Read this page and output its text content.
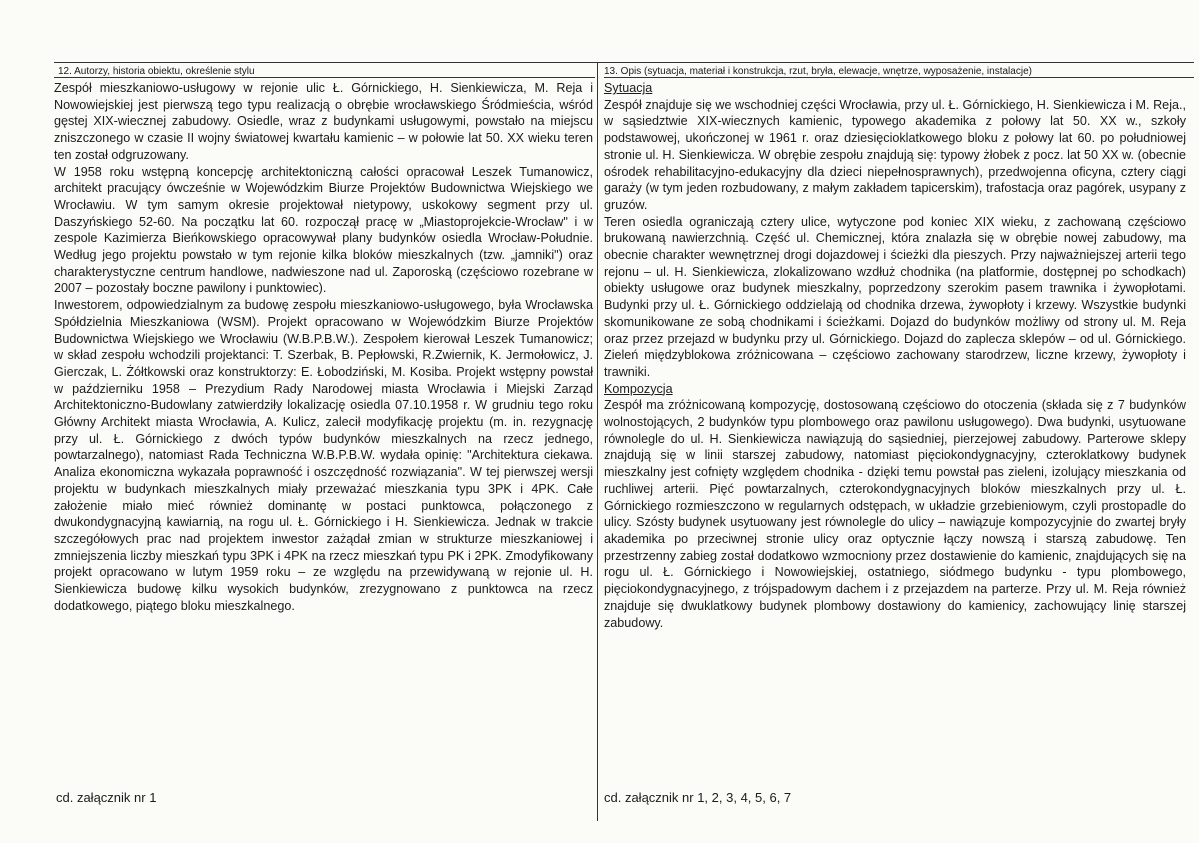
12. Autorzy, historia obiektu, określenie stylu

Zespół mieszkaniowo-usługowy w rejonie ulic Ł. Górnickiego, H. Sienkiewicza, M. Reja i Nowowiejskiej jest pierwszą tego typu realizacją o obrębie wrocławskiego Śródmieścia, wśród gęstej XIX-wiecznej zabudowy. Osiedle, wraz z budynkami usługowymi, powstało na miejscu zniszczonego w czasie II wojny światowej kwartału kamienic – w połowie lat 50. XX wieku teren ten został odgruzowany.

W 1958 roku wstępną koncepcję architektoniczną całości opracował Leszek Tumanowicz, architekt pracujący ówcześnie w Wojewódzkim Biurze Projektów Budownictwa Wiejskiego we Wrocławiu. W tym samym okresie projektował nietypowy, uskokowy segment przy ul. Daszyńskiego 52-60. Na początku lat 60. rozpoczął pracę w „Miastoprojekcie-Wrocław" i w zespole Kazimierza Bieńkowskiego opracowywał plany budynków osiedla Wrocław-Południe. Według jego projektu powstało w tym rejonie kilka bloków mieszkalnych (tzw. „jamniki") oraz charakterystyczne centrum handlowe, nadwieszone nad ul. Zaporoską (częściowo rozebrane w 2007 – pozostały boczne pawilony i punktowiec).

Inwestorem, odpowiedzialnym za budowę zespołu mieszkaniowo-usługowego, była Wrocławska Spółdzielnia Mieszkaniowa (WSM). Projekt opracowano w Wojewódzkim Biurze Projektów Budownictwa Wiejskiego we Wrocławiu (W.B.P.B.W.). Zespołem kierował Leszek Tumanowicz; w skład zespołu wchodzili projektanci: T. Szerbak, B. Pepłowski, R.Zwiernik, K. Jermołowicz, J. Gierczak, L. Żółtkowski oraz konstruktorzy: E. Łobodziński, M. Kosiba. Projekt wstępny powstał w październiku 1958 – Prezydium Rady Narodowej miasta Wrocławia i Miejski Zarząd Architektoniczno-Budowlany zatwierdziły lokalizację osiedla 07.10.1958 r. W grudniu tego roku Główny Architekt miasta Wrocławia, A. Kulicz, zalecił modyfikację projektu (m. in. rezygnację przy ul. Ł. Górnickiego z dwóch typów budynków mieszkalnych na rzecz jednego, powtarzalnego), natomiast Rada Techniczna W.B.P.B.W. wydała opinię: "Architektura ciekawa. Analiza ekonomiczna wykazała poprawność i oszczędność rozwiązania". W tej pierwszej wersji projektu w budynkach mieszkalnych miały przeważać mieszkania typu 3PK i 4PK. Całe założenie miało mieć również dominantę w postaci punktowca, połączonego z dwukondygnacyjną kawiarnią, na rogu ul. Ł. Górnickiego i H. Sienkiewicza. Jednak w trakcie szczegółowych prac nad projektem inwestor zażądał zmian w strukturze mieszkaniowej i zmniejszenia liczby mieszkań typu 3PK i 4PK na rzecz mieszkań typu PK i 2PK. Zmodyfikowany projekt opracowano w lutym 1959 roku – ze względu na przewidywaną w rejonie ul. H. Sienkiewicza budowę kilku wysokich budynków, zrezygnowano z punktowca na rzecz dodatkowego, piątego bloku mieszkalnego.

cd. załącznik nr 1
13. Opis (sytuacja, materiał i konstrukcja, rzut, bryła, elewacje, wnętrze, wyposażenie, instalacje)

Sytuacja

Zespół znajduje się we wschodniej części Wrocławia, przy ul. Ł. Górnickiego, H. Sienkiewicza i M. Reja., w sąsiedztwie XIX-wiecznych kamienic, typowego akademika z połowy lat 50. XX w., szkoły podstawowej, ukończonej w 1961 r. oraz dziesięcioklatkowego bloku z połowy lat 60. po południowej stronie ul. H. Sienkiewicza. W obrębie zespołu znajdują się: typowy żłobek z pocz. lat 50 XX w. (obecnie ośrodek rehabilitacyjno-edukacyjny dla dzieci niepełnosprawnych), przedwojenna oficyna, cztery ciągi garaży (w tym jeden rozbudowany, z małym zakładem tapicerskim), trafostacja oraz pagórek, usypany z gruzów.

Teren osiedla ograniczają cztery ulice, wytyczone pod koniec XIX wieku, z zachowaną częściowo brukowaną nawierzchnią. Część ul. Chemicznej, która znalazła się w obrębie nowej zabudowy, ma obecnie charakter wewnętrznej drogi dojazdowej i ścieżki dla pieszych. Przy najważniejszej arterii tego rejonu – ul. H. Sienkiewicza, zlokalizowano wzdłuż chodnika (na platformie, dostępnej po schodkach) obiekty usługowe oraz budynek mieszkalny, poprzedzony szerokim pasem trawnika i żywopłotami. Budynki przy ul. Ł. Górnickiego oddzielają od chodnika drzewa, żywopłoty i krzewy. Wszystkie budynki skomunikowane ze sobą chodnikami i ścieżkami. Dojazd do budynków możliwy od strony ul. M. Reja oraz przez przejazd w budynku przy ul. Górnickiego. Dojazd do zaplecza sklepów – od ul. Górnickiego. Zieleń międzyblokowa zróżnicowana – częściowo zachowany starodrzew, liczne krzewy, żywopłoty i trawniki.

Kompozycja

Zespół ma zróżnicowaną kompozycję, dostosowaną częściowo do otoczenia (składa się z 7 budynków wolnostojących, 2 budynków typu plombowego oraz pawilonu usługowego). Dwa budynki, usytuowane równolegle do ul. H. Sienkiewicza nawiązują do sąsiedniej, pierzejowej zabudowy. Parterowe sklepy znajdują się w linii starszej zabudowy, natomiast pięciokondygnacyjny, czteroklatkowy budynek mieszkalny jest cofnięty względem chodnika - dzięki temu powstał pas zieleni, izolujący mieszkania od ruchliwej arterii. Pięć powtarzalnych, czterokondygnacyjnych bloków mieszkalnych przy ul. Ł. Górnickiego rozmieszczono w regularnych odstępach, w układzie grzebieniowym, czyli prostopadle do ulicy. Szósty budynek usytuowany jest równolegle do ulicy – nawiązuje kompozycyjnie do zwartej bryły akademika po przeciwnej stronie ulicy oraz optycznie łączy nowszą i starszą zabudowę. Ten przestrzenny zabieg został dodatkowo wzmocniony przez dostawienie do kamienic, znajdujących się na rogu ul. Ł. Górnickiego i Nowowiejskiej, ostatniego, siódmego budynku - typu plombowego, pięciokondygnacyjnego, z trójspadowym dachem i z przejazdem na parterze. Przy ul. M. Reja również znajduje się dwuklatkowy budynek plombowy dostawiony do kamienicy, zachowujący linię starszej zabudowy.

cd. załącznik nr 1, 2, 3, 4, 5, 6, 7
